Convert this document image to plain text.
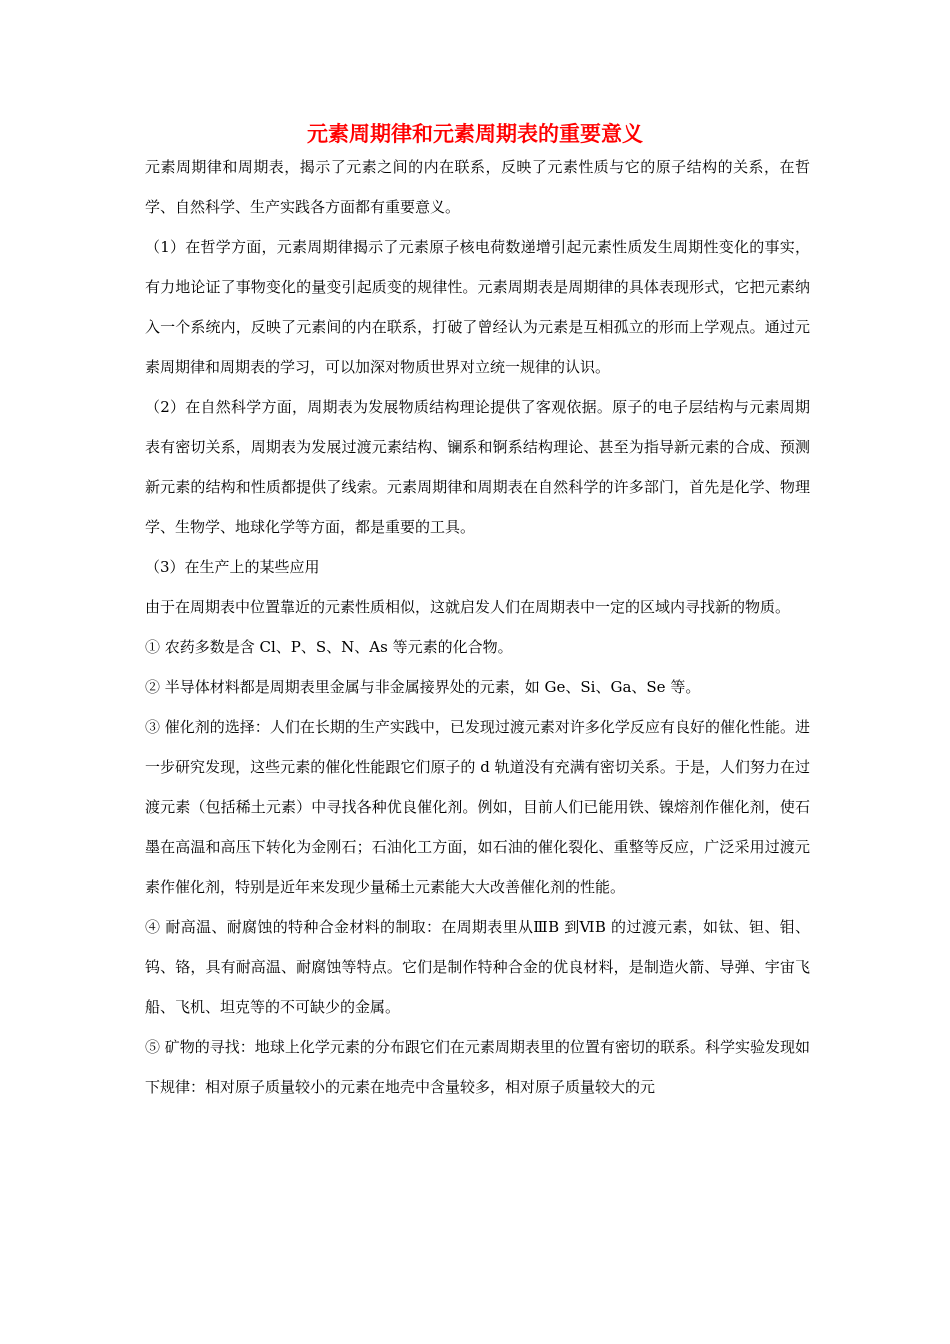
元素周期律和元素周期表的重要意义

元素周期律和周期表，揭示了元素之间的内在联系，反映了元素性质与它的原子结构的关系，在哲学、自然科学、生产实践各方面都有重要意义。

（1）在哲学方面，元素周期律揭示了元素原子核电荷数递增引起元素性质发生周期性变化的事实，有力地论证了事物变化的量变引起质变的规律性。元素周期表是周期律的具体表现形式，它把元素纳入一个系统内，反映了元素间的内在联系，打破了曾经认为元素是互相孤立的形而上学观点。通过元素周期律和周期表的学习，可以加深对物质世界对立统一规律的认识。

（2）在自然科学方面，周期表为发展物质结构理论提供了客观依据。原子的电子层结构与元素周期表有密切关系，周期表为发展过渡元素结构、镧系和锕系结构理论、甚至为指导新元素的合成、预测新元素的结构和性质都提供了线索。元素周期律和周期表在自然科学的许多部门，首先是化学、物理学、生物学、地球化学等方面，都是重要的工具。

（3）在生产上的某些应用

由于在周期表中位置靠近的元素性质相似，这就启发人们在周期表中一定的区域内寻找新的物质。

① 农药多数是含 Cl、P、S、N、As 等元素的化合物。

② 半导体材料都是周期表里金属与非金属接界处的元素，如 Ge、Si、Ga、Se 等。

③ 催化剂的选择：人们在长期的生产实践中，已发现过渡元素对许多化学反应有良好的催化性能。进一步研究发现，这些元素的催化性能跟它们原子的 d 轨道没有充满有密切关系。于是，人们努力在过渡元素（包括稀土元素）中寻找各种优良催化剂。例如，目前人们已能用铁、镍熔剂作催化剂，使石墨在高温和高压下转化为金刚石；石油化工方面，如石油的催化裂化、重整等反应，广泛采用过渡元素作催化剂，特别是近年来发现少量稀土元素能大大改善催化剂的性能。

④ 耐高温、耐腐蚀的特种合金材料的制取：在周期表里从ⅢB 到ⅥB 的过渡元素，如钛、钽、钼、钨、铬，具有耐高温、耐腐蚀等特点。它们是制作特种合金的优良材料，是制造火箭、导弹、宇宙飞船、飞机、坦克等的不可缺少的金属。

⑤ 矿物的寻找：地球上化学元素的分布跟它们在元素周期表里的位置有密切的联系。科学实验发现如下规律：相对原子质量较小的元素在地壳中含量较多，相对原子质量较大的元
